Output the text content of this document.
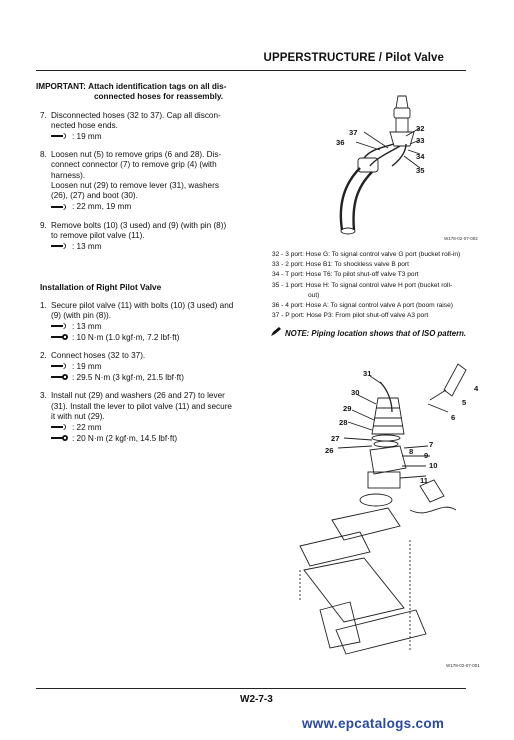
UPPERSTRUCTURE / Pilot Valve
IMPORTANT: Attach identification tags on all dis-
connected hoses for reassembly.
7. Disconnected hoses (32 to 37). Cap all discon-
nected hose ends.
: 19 mm
8. Loosen nut (5) to remove grips (6 and 28). Dis-
connect connector (7) to remove grip (4) (with
harness).
Loosen nut (29) to remove lever (31), washers
(26), (27) and boot (30).
: 22 mm, 19 mm
9. Remove bolts (10) (3 used) and (9) (with pin (8))
to remove pilot valve (11).
: 13 mm
Installation of Right Pilot Valve
1. Secure pilot valve (11) with bolts (10) (3 used) and
(9) (with pin (8)).
: 13 mm
: 10 N·m (1.0 kgf·m, 7.2 lbf·ft)
2. Connect hoses (32 to 37).
: 19 mm
: 29.5 N·m (3 kgf·m, 21.5 lbf·ft)
3. Install nut (29) and washers (26 and 27) to lever
(31). Install the lever to pilot valve (11) and secure
it with nut (29).
: 22 mm
: 20 N·m (2 kgf·m, 14.5 lbf·ft)
37
36
32
33
34
35
W178-02-07-002
32 - 3 port: Hose G: To signal control valve G port (bucket roll-in)
33 - 2 port: Hose B1: To shockless valve B port
34 - T port: Hose T6: To pilot shut-off valve T3 port
35 - 1 port: Hose H: To signal control valve H port (bucket roll-
out)
36 - 4 port: Hose A: To signal control valve A port (boom raise)
37 - P port: Hose P3: From pilot shut-off valve A3 port
NOTE: Piping location shows that of ISO pattern.
31
4
30
5
29
6
28
27
7
8
26
9
10
11
W178-02-07-001
W2-7-3
www.epcatalogs.com
